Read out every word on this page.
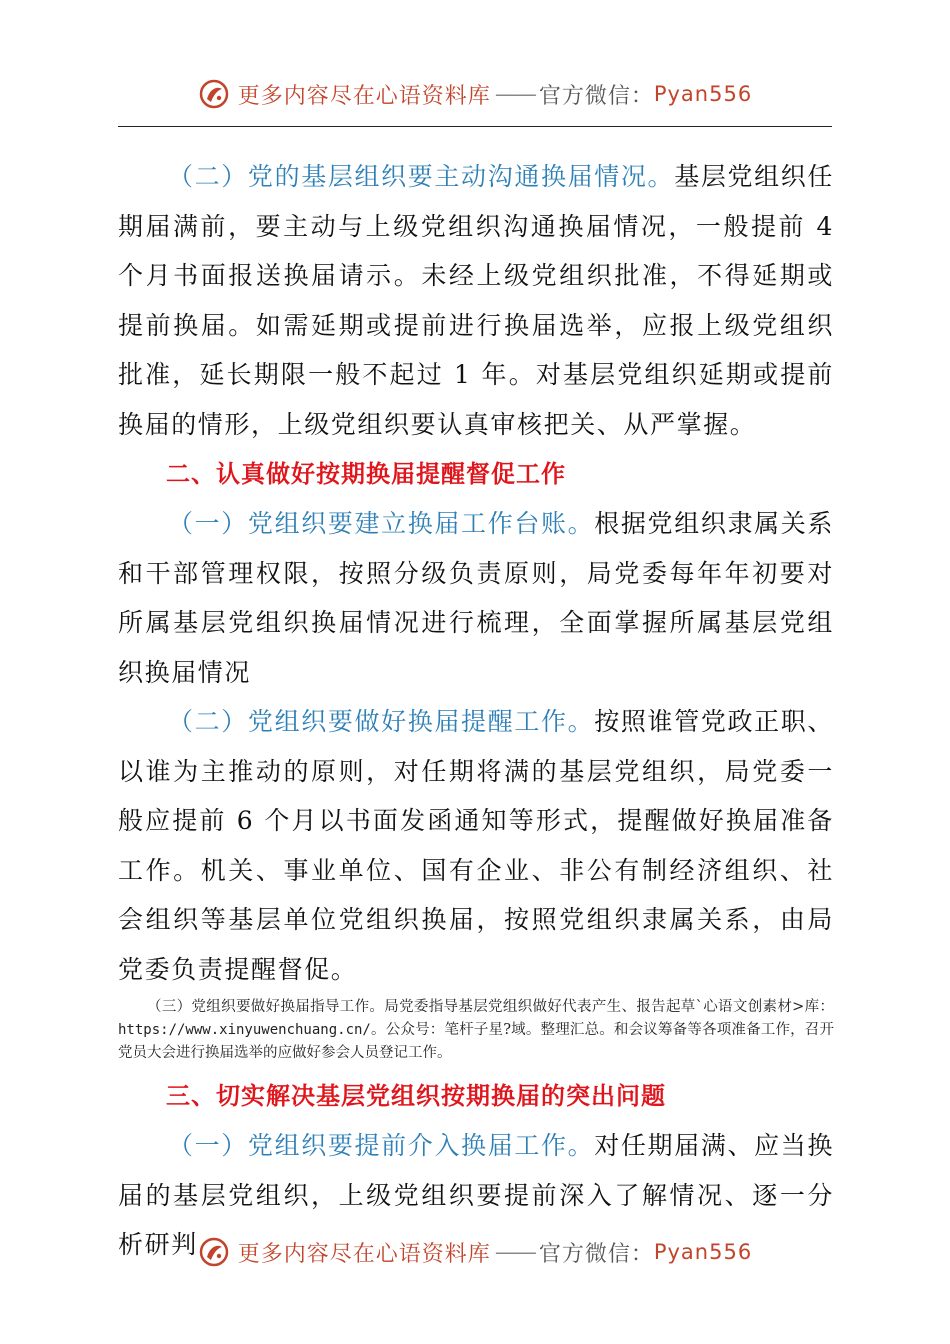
更多内容尽在心语资料库 —— 官方微信： Pyan556

（二）党的基层组织要主动沟通换届情况。基层党组织任期届满前，要主动与上级党组织沟通换届情况，一般提前 4 个月书面报送换届请示。未经上级党组织批准，不得延期或提前换届。如需延期或提前进行换届选举，应报上级党组织批准，延长期限一般不起过 1 年。对基层党组织延期或提前换届的情形，上级党组织要认真审核把关、从严掌握。

二、认真做好按期换届提醒督促工作

（一）党组织要建立换届工作台账。根据党组织隶属关系和干部管理权限，按照分级负责原则，局党委每年年初要对所属基层党组织换届情况进行梳理，全面掌握所属基层党组织换届情况

（二）党组织要做好换届提醒工作。按照谁管党政正职、以谁为主推动的原则，对任期将满的基层党组织，局党委一般应提前 6 个月以书面发函通知等形式，提醒做好换届准备工作。机关、事业单位、国有企业、非公有制经济组织、社会组织等基层单位党组织换届，按照党组织隶属关系，由局党委负责提醒督促。

（三）党组织要做好换届指导工作。局党委指导基层党组织做好代表产生、报告起草`心语文创素材>库：https://www.xinyuwenchuang.cn/。公众号：笔杆子星?域。整理汇总。和会议筹备等各项准备工作，召开党员大会进行换届选举的应做好参会人员登记工作。

三、切实解决基层党组织按期换届的突出问题

（一）党组织要提前介入换届工作。对任期届满、应当换届的基层党组织，上级党组织要提前深入了解情况、逐一分析研判	更多内容尽在心语资料库 —— 官方微信： Pyan556
